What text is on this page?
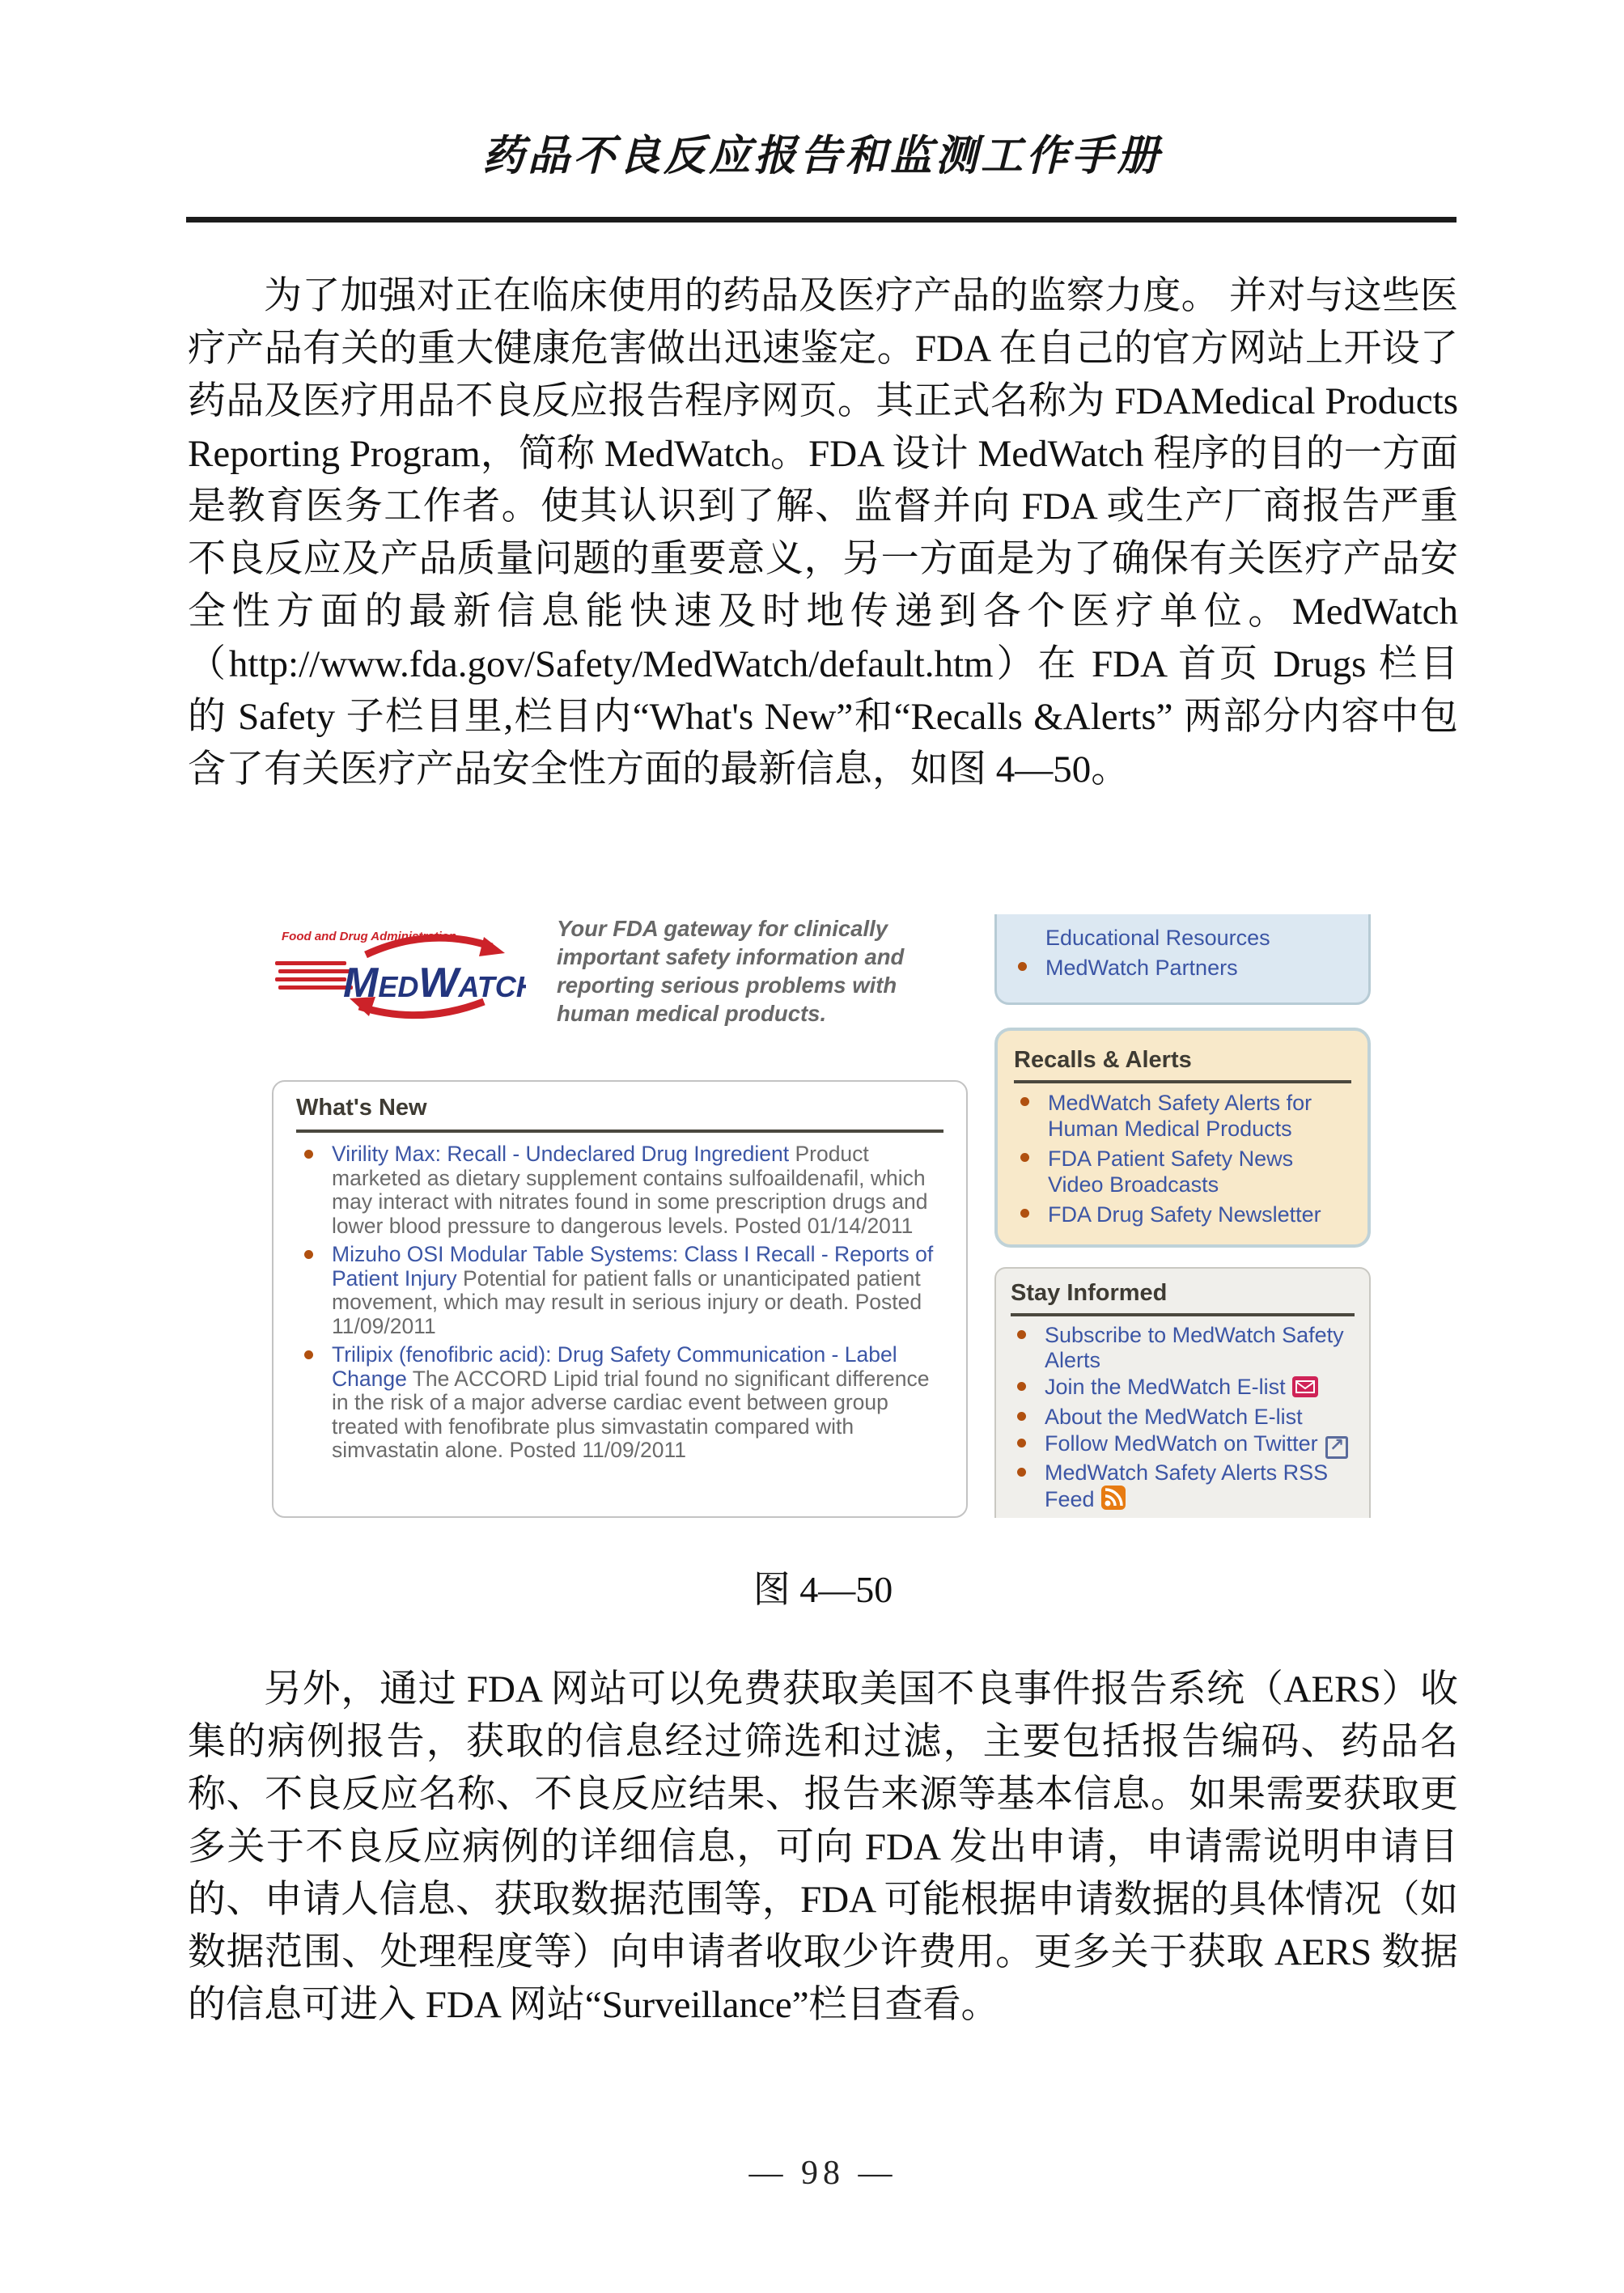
药品不良反应报告和监测工作手册
为了加强对正在临床使用的药品及医疗产品的监察力度。 并对与这些医疗产品有关的重大健康危害做出迅速鉴定。FDA 在自己的官方网站上开设了药品及医疗用品不良反应报告程序网页。其正式名称为 FDAMedical Products Reporting Program，简称 MedWatch。FDA 设计 MedWatch 程序的目的一方面是教育医务工作者。使其认识到了解、监督并向 FDA 或生产厂商报告严重不良反应及产品质量问题的重要意义，另一方面是为了确保有关医疗产品安全性方面的最新信息能快速及时地传递到各个医疗单位。MedWatch（http://www.fda.gov/Safety/MedWatch/default.htm）在 FDA 首页 Drugs 栏目的 Safety 子栏目里,栏目内“What's New”和“Recalls &Alerts” 两部分内容中包含了有关医疗产品安全性方面的最新信息，如图 4—50。
Food and Drug Administration
MedWatch
Your FDA gateway for clinically important safety information and reporting serious problems with human medical products.
What's New
Virility Max: Recall - Undeclared Drug Ingredient Product marketed as dietary supplement contains sulfoaildenafil, which may interact with nitrates found in some prescription drugs and lower blood pressure to dangerous levels. Posted 01/14/2011
Mizuho OSI Modular Table Systems: Class I Recall - Reports of Patient Injury Potential for patient falls or unanticipated patient movement, which may result in serious injury or death. Posted 11/09/2011
Trilipix (fenofibric acid): Drug Safety Communication - Label Change The ACCORD Lipid trial found no significant difference in the risk of a major adverse cardiac event between group treated with fenofibrate plus simvastatin compared with simvastatin alone. Posted 11/09/2011
Educational Resources
MedWatch Partners
Recalls & Alerts
MedWatch Safety Alerts for Human Medical Products
FDA Patient Safety News Video Broadcasts
FDA Drug Safety Newsletter
Stay Informed
Subscribe to MedWatch Safety Alerts
Join the MedWatch E-list
About the MedWatch E-list
Follow MedWatch on Twitter ↗
MedWatch Safety Alerts RSS Feed
图 4—50
另外，通过 FDA 网站可以免费获取美国不良事件报告系统（AERS）收集的病例报告，获取的信息经过筛选和过滤，主要包括报告编码、药品名称、不良反应名称、不良反应结果、报告来源等基本信息。如果需要获取更多关于不良反应病例的详细信息，可向 FDA 发出申请，申请需说明申请目的、申请人信息、获取数据范围等，FDA 可能根据申请数据的具体情况（如数据范围、处理程度等）向申请者收取少许费用。更多关于获取 AERS 数据的信息可进入 FDA 网站“Surveillance”栏目查看。
— 98 —
